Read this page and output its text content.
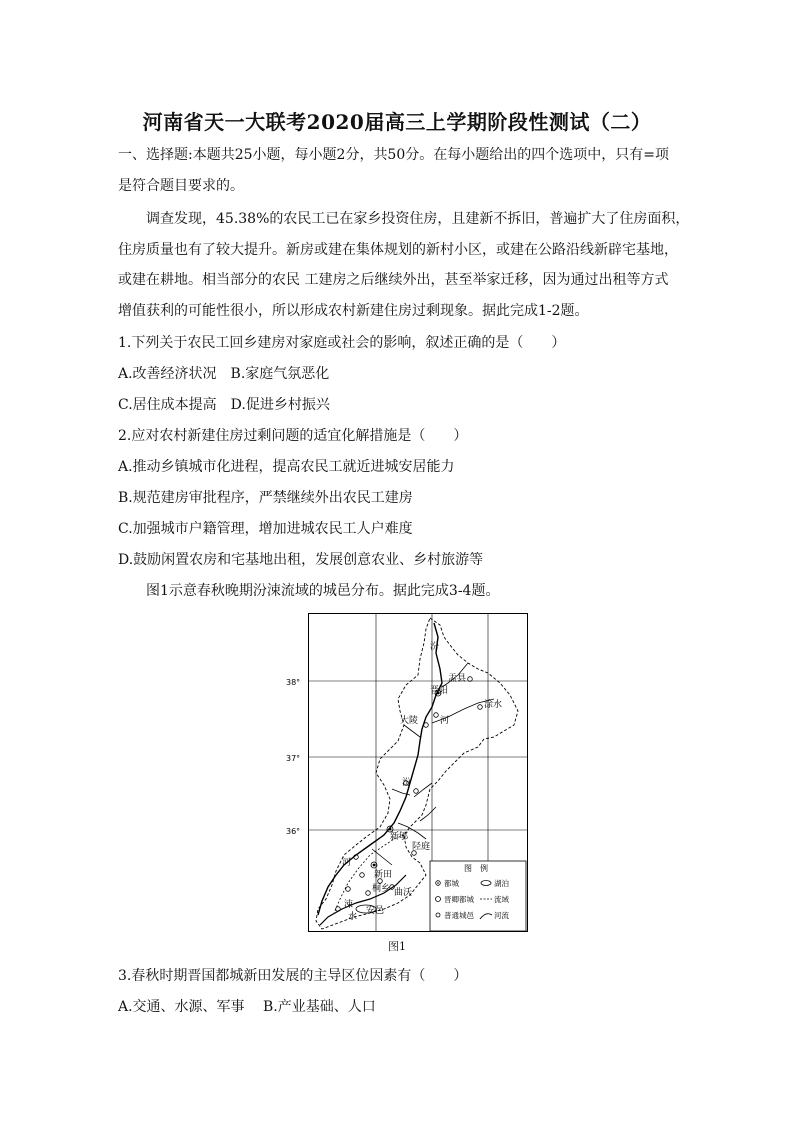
河南省天一大联考2020届高三上学期阶段性测试（二）
一、选择题:本题共25小题，每小题2分，共50分。在每小题给出的四个选项中，只有=项
是符合题目要求的。
调查发现，45.38%的农民工已在家乡投资住房，且建新不拆旧，普遍扩大了住房面积，
住房质量也有了较大提升。新房或建在集体规划的新村小区，或建在公路沿线新辟宅基地，
或建在耕地。相当部分的农民 工建房之后继续外出，甚至举家迁移，因为通过出租等方式
增值获利的可能性很小，所以形成农村新建住房过剩现象。据此完成1-2题。
1.下列关于农民工回乡建房对家庭或社会的影响，叙述正确的是（　　）
A.改善经济状况　B.家庭气氛恶化
C.居住成本提高　D.促进乡村振兴
2.应对农村新建住房过剩问题的适宜化解措施是（　　）
A.推动乡镇城市化进程，提高农民工就近进城安居能力
B.规范建房审批程序，严禁继续外出农民工建房
C.加强城市户籍管理，增加进城农民工人户难度
D.鼓励闲置农房和宅基地出租，发展创意农业、乡村旅游等
图1示意春秋晚期汾涑流域的城邑分布。据此完成3-4题。
38°
37°
36°
汾
盂县
晋阳
涂水
大陵 河
汾
新郇
陉庭
河
新田
桐乡 曲沃
涑
水
安邑
图　例
都城	湖泊
晋卿都城	流域
普通城邑	河流
图1
3.春秋时期晋国都城新田发展的主导区位因素有（　　）
A.交通、水源、军事　 B.产业基础、人口
